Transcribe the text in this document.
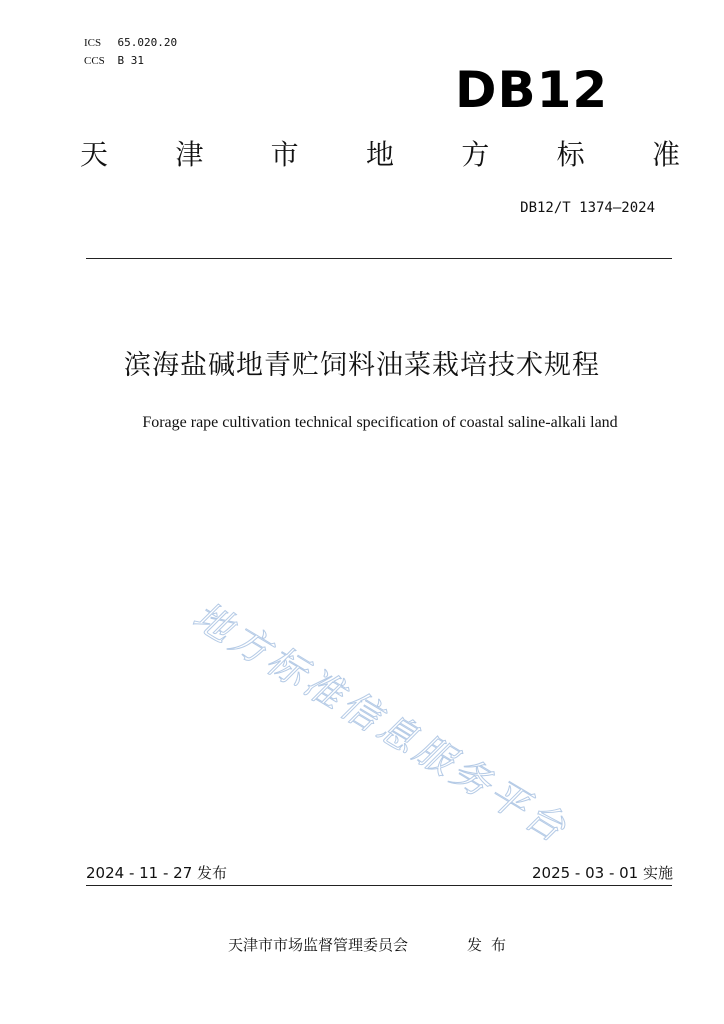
ICS 65.020.20
CCS B 31
DB12
天 津 市 地 方 标 准
DB12/T 1374—2024
滨海盐碱地青贮饲料油菜栽培技术规程
Forage rape cultivation technical specification of coastal saline-alkali land
地方标准信息服务平台
2024 - 11 - 27 发布	2025 - 03 - 01 实施
天津市市场监督管理委员会	发布
